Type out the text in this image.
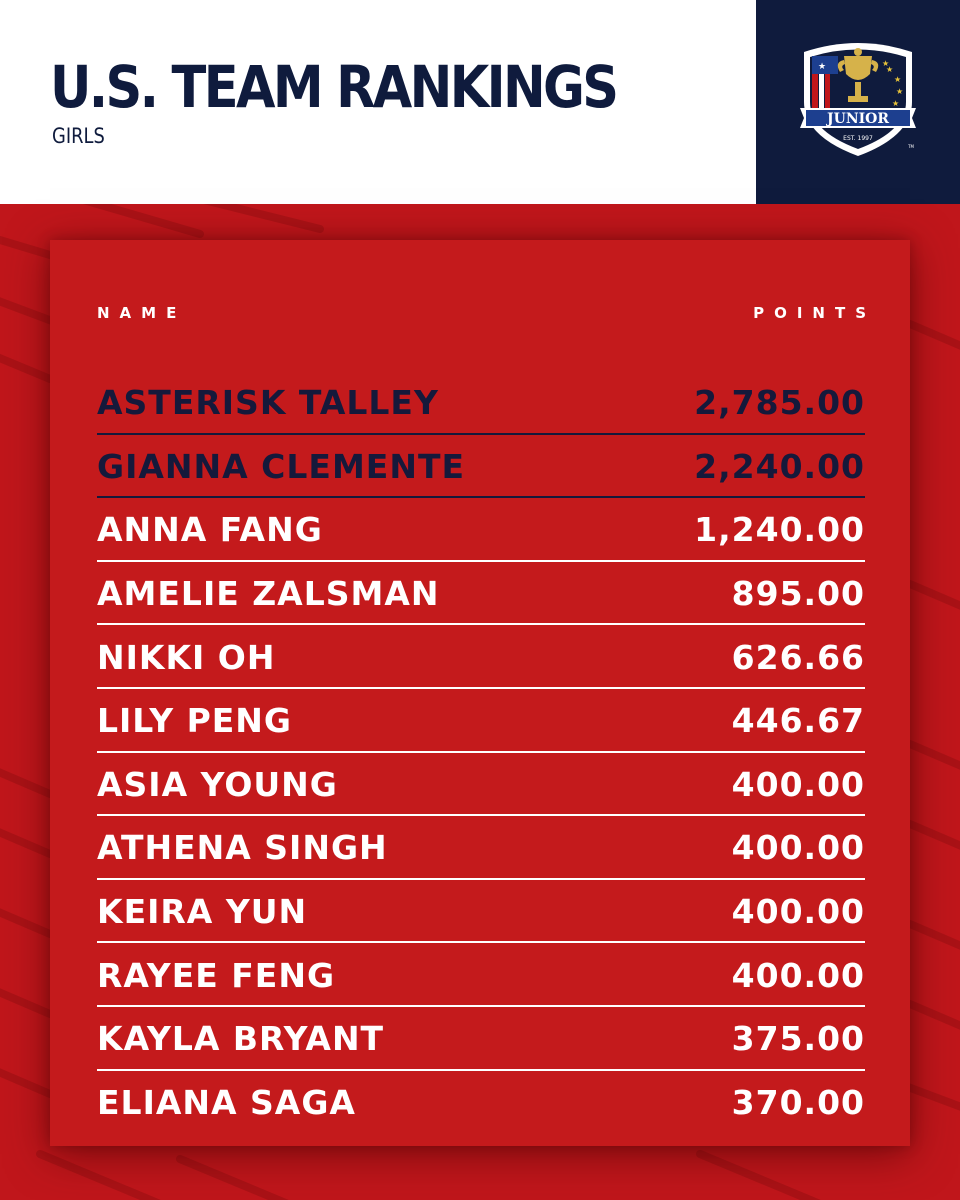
U.S. TEAM RANKINGS
GIRLS
★	★
★
★
★
★
JUNIOR
EST. 1997
TM
NAME	POINTS
ASTERISK TALLEY	2,785.00
GIANNA CLEMENTE	2,240.00
ANNA FANG	1,240.00
AMELIE ZALSMAN	895.00
NIKKI OH	626.66
LILY PENG	446.67
ASIA YOUNG	400.00
ATHENA SINGH	400.00
KEIRA YUN	400.00
RAYEE FENG	400.00
KAYLA BRYANT	375.00
ELIANA SAGA	370.00
